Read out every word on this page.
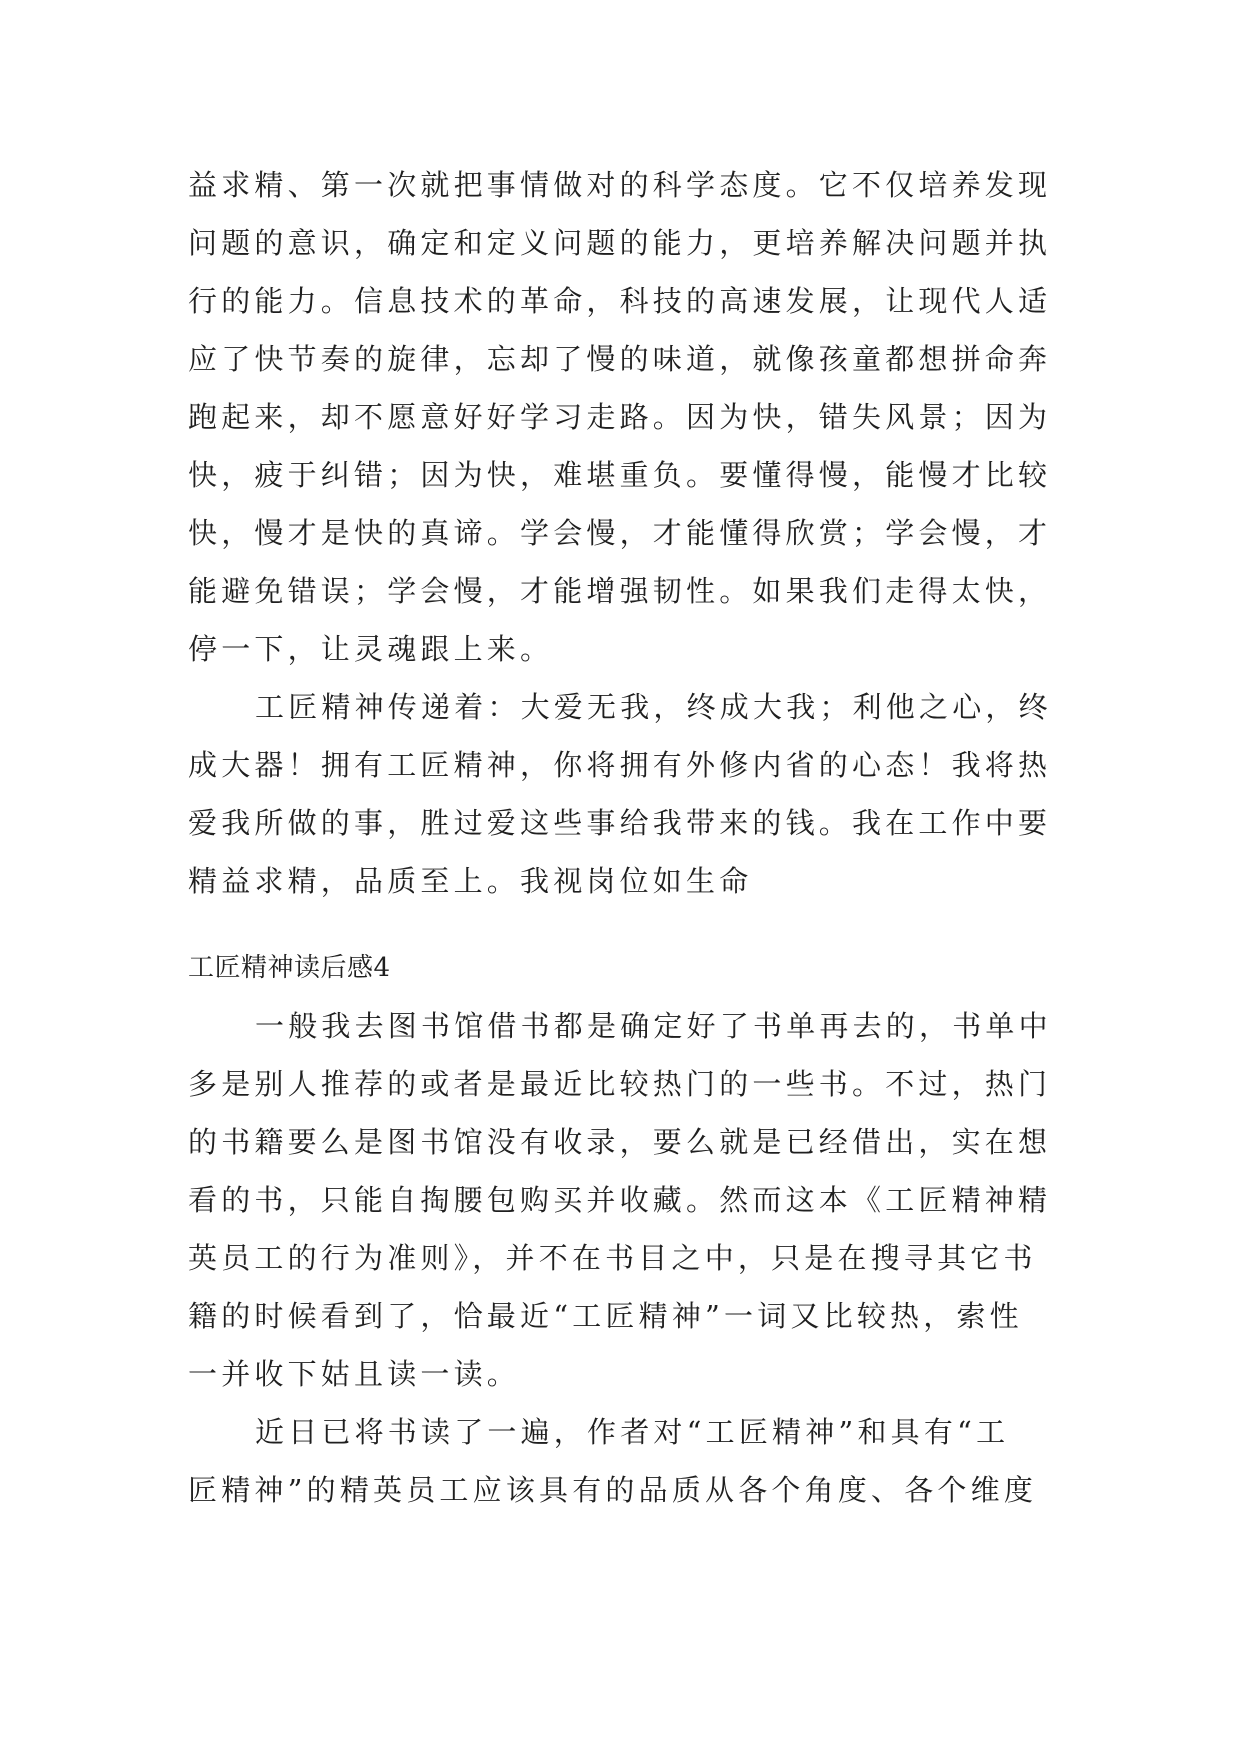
益求精、第一次就把事情做对的科学态度。它不仅培养发现
问题的意识，确定和定义问题的能力，更培养解决问题并执
行的能力。信息技术的革命，科技的高速发展，让现代人适
应了快节奏的旋律，忘却了慢的味道，就像孩童都想拼命奔
跑起来，却不愿意好好学习走路。因为快，错失风景；因为
快，疲于纠错；因为快，难堪重负。要懂得慢，能慢才比较
快，慢才是快的真谛。学会慢，才能懂得欣赏；学会慢，才
能避免错误；学会慢，才能增强韧性。如果我们走得太快，
停一下，让灵魂跟上来。
工匠精神传递着：大爱无我，终成大我；利他之心，终
成大器！拥有工匠精神，你将拥有外修内省的心态！我将热
爱我所做的事，胜过爱这些事给我带来的钱。我在工作中要
精益求精，品质至上。我视岗位如生命
工匠精神读后感4
一般我去图书馆借书都是确定好了书单再去的，书单中
多是别人推荐的或者是最近比较热门的一些书。不过，热门
的书籍要么是图书馆没有收录，要么就是已经借出，实在想
看的书，只能自掏腰包购买并收藏。然而这本《工匠精神精
英员工的行为准则》，并不在书目之中，只是在搜寻其它书
籍的时候看到了，恰最近“工匠精神”一词又比较热，索性
一并收下姑且读一读。
近日已将书读了一遍，作者对“工匠精神”和具有“工
匠精神”的精英员工应该具有的品质从各个角度、各个维度
